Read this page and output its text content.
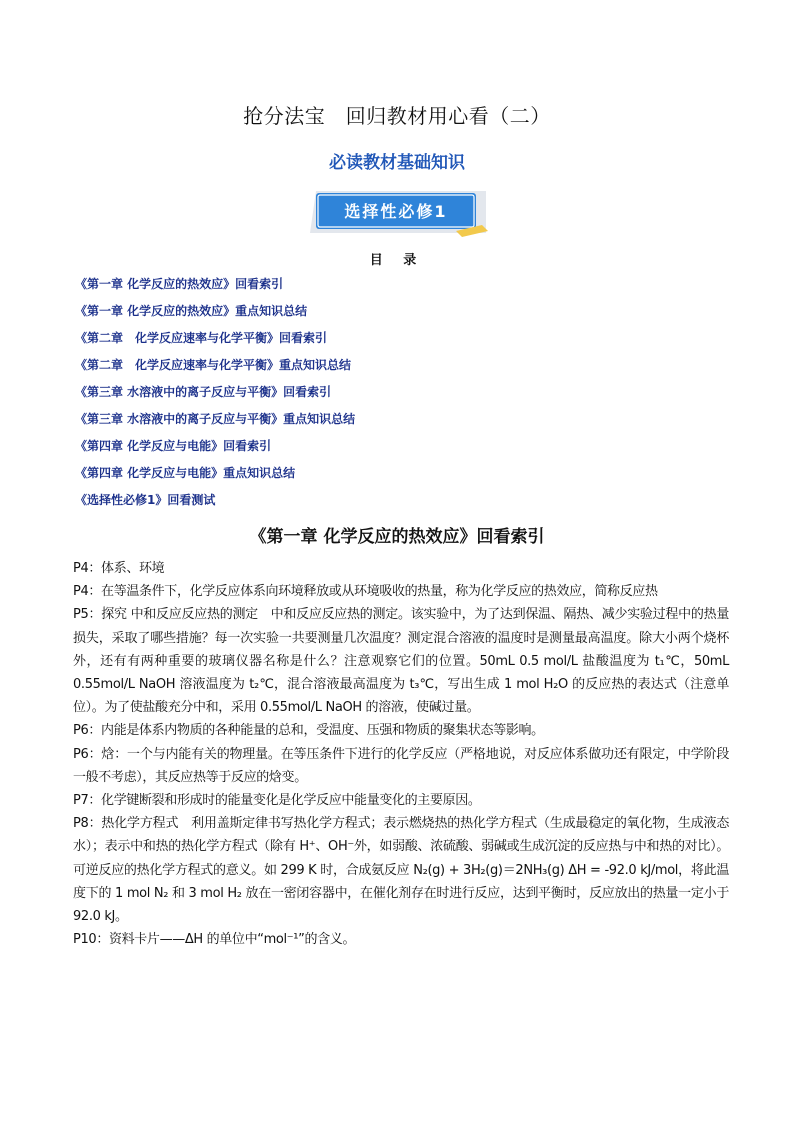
抢分法宝　回归教材用心看（二）
必读教材基础知识
选择性必修1
目 录
《第一章 化学反应的热效应》回看索引
《第一章 化学反应的热效应》重点知识总结
《第二章　化学反应速率与化学平衡》回看索引
《第二章　化学反应速率与化学平衡》重点知识总结
《第三章 水溶液中的离子反应与平衡》回看索引
《第三章 水溶液中的离子反应与平衡》重点知识总结
《第四章 化学反应与电能》回看索引
《第四章 化学反应与电能》重点知识总结
《选择性必修1》回看测试
《第一章 化学反应的热效应》回看索引

P4：体系、环境

P4：在等温条件下，化学反应体系向环境释放或从环境吸收的热量，称为化学反应的热效应，简称反应热

P5：探究 中和反应反应热的测定　中和反应反应热的测定。该实验中，为了达到保温、隔热、减少实验过程中的热量损失，采取了哪些措施？每一次实验一共要测量几次温度？测定混合溶液的温度时是测量最高温度。除大小两个烧杯外，还有有两种重要的玻璃仪器名称是什么？注意观察它们的位置。50mL 0.5 mol/L 盐酸温度为 t₁℃，50mL 0.55mol/L NaOH 溶液温度为 t₂℃，混合溶液最高温度为 t₃℃，写出生成 1 mol H₂O 的反应热的表达式（注意单位）。为了使盐酸充分中和，采用 0.55mol/L NaOH 的溶液，使碱过量。

P6：内能是体系内物质的各种能量的总和，受温度、压强和物质的聚集状态等影响。

P6：焓：一个与内能有关的物理量。在等压条件下进行的化学反应（严格地说，对反应体系做功还有限定，中学阶段一般不考虑），其反应热等于反应的焓变。

P7：化学键断裂和形成时的能量变化是化学反应中能量变化的主要原因。

P8：热化学方程式　利用盖斯定律书写热化学方程式；表示燃烧热的热化学方程式（生成最稳定的氧化物，生成液态水）；表示中和热的热化学方程式（除有 H⁺、OH⁻外，如弱酸、浓硫酸、弱碱或生成沉淀的反应热与中和热的对比）。可逆反应的热化学方程式的意义。如 299 K 时，合成氨反应 N₂(g) + 3H₂(g)＝2NH₃(g) ΔH = -92.0 kJ/mol，将此温度下的 1 mol N₂ 和 3 mol H₂ 放在一密闭容器中，在催化剂存在时进行反应，达到平衡时，反应放出的热量一定小于 92.0 kJ。

P10：资料卡片——ΔH 的单位中“mol⁻¹”的含义。
